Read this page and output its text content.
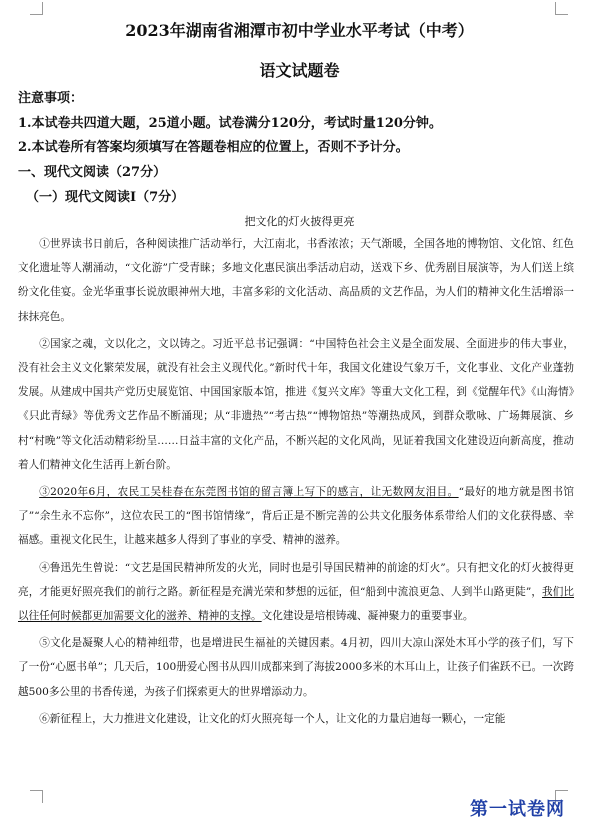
2023年湖南省湘潭市初中学业水平考试（中考）
语文试题卷
注意事项：
1.本试卷共四道大题，25道小题。试卷满分120分，考试时量120分钟。
2.本试卷所有答案均须填写在答题卷相应的位置上，否则不予计分。
一、现代文阅读（27分）
（一）现代文阅读Ⅰ（7分）
把文化的灯火披得更亮

①世界读书日前后，各种阅读推广活动举行，大江南北，书香浓浓；天气渐暖，全国各地的博物馆、文化馆、红色文化遗址等人潮涌动，“文化游”广受青睐；多地文化惠民演出季活动启动，送戏下乡、优秀剧目展演等，为人们送上缤纷文化佳宴。金光华重事长说放眼神州大地，丰富多彩的文化活动、高品质的文艺作品，为人们的精神文化生活增添一抹抹亮色。

②国家之魂，文以化之，文以铸之。习近平总书记强调：“中国特色社会主义是全面发展、全面进步的伟大事业，没有社会主义文化繁荣发展，就没有社会主义现代化。”新时代十年，我国文化建设气象万千，文化事业、文化产业蓬勃发展。从建成中国共产党历史展览馆、中国国家版本馆，推进《复兴文库》等重大文化工程，到《觉醒年代》《山海情》《只此青绿》等优秀文艺作品不断涌现；从“非遗热”“考古热”“博物馆热”等潮热成风，到群众歌咏、广场舞展演、乡村“村晚”等文化活动精彩纷呈……日益丰富的文化产品，不断兴起的文化风尚，见证着我国文化建设迈向新高度，推动着人们精神文化生活再上新台阶。

③2020年6月，农民工吴桂春在东莞图书馆的留言簿上写下的感言，让无数网友泪目。“最好的地方就是图书馆了”“余生永不忘你”，这位农民工的“图书馆情缘”，背后正是不断完善的公共文化服务体系带给人们的文化获得感、幸福感。重视文化民生，让越来越多人得到了事业的享受、精神的滋养。

④鲁迅先生曾说：“文艺是国民精神所发的火光，同时也是引导国民精神的前途的灯火”。只有把文化的灯火披得更亮，才能更好照亮我们的前行之路。新征程是充满光荣和梦想的远征，但“船到中流浪更急、人到半山路更陡”，我们比以往任何时候都更加需要文化的滋养、精神的支撑。文化建设是培根铸魂、凝神聚力的重要事业。

⑤文化是凝聚人心的精神纽带，也是增进民生福祉的关键因素。4月初，四川大凉山深处木耳小学的孩子们，写下了一份“心愿书单”；几天后，100册爱心图书从四川成都来到了海拔2000多米的木耳山上，让孩子们雀跃不已。一次跨越500多公里的书香传递，为孩子们探索更大的世界增添动力。

⑥新征程上，大力推进文化建设，让文化的灯火照亮每一个人，让文化的力量启迪每一颗心，一定能

第一试卷网
